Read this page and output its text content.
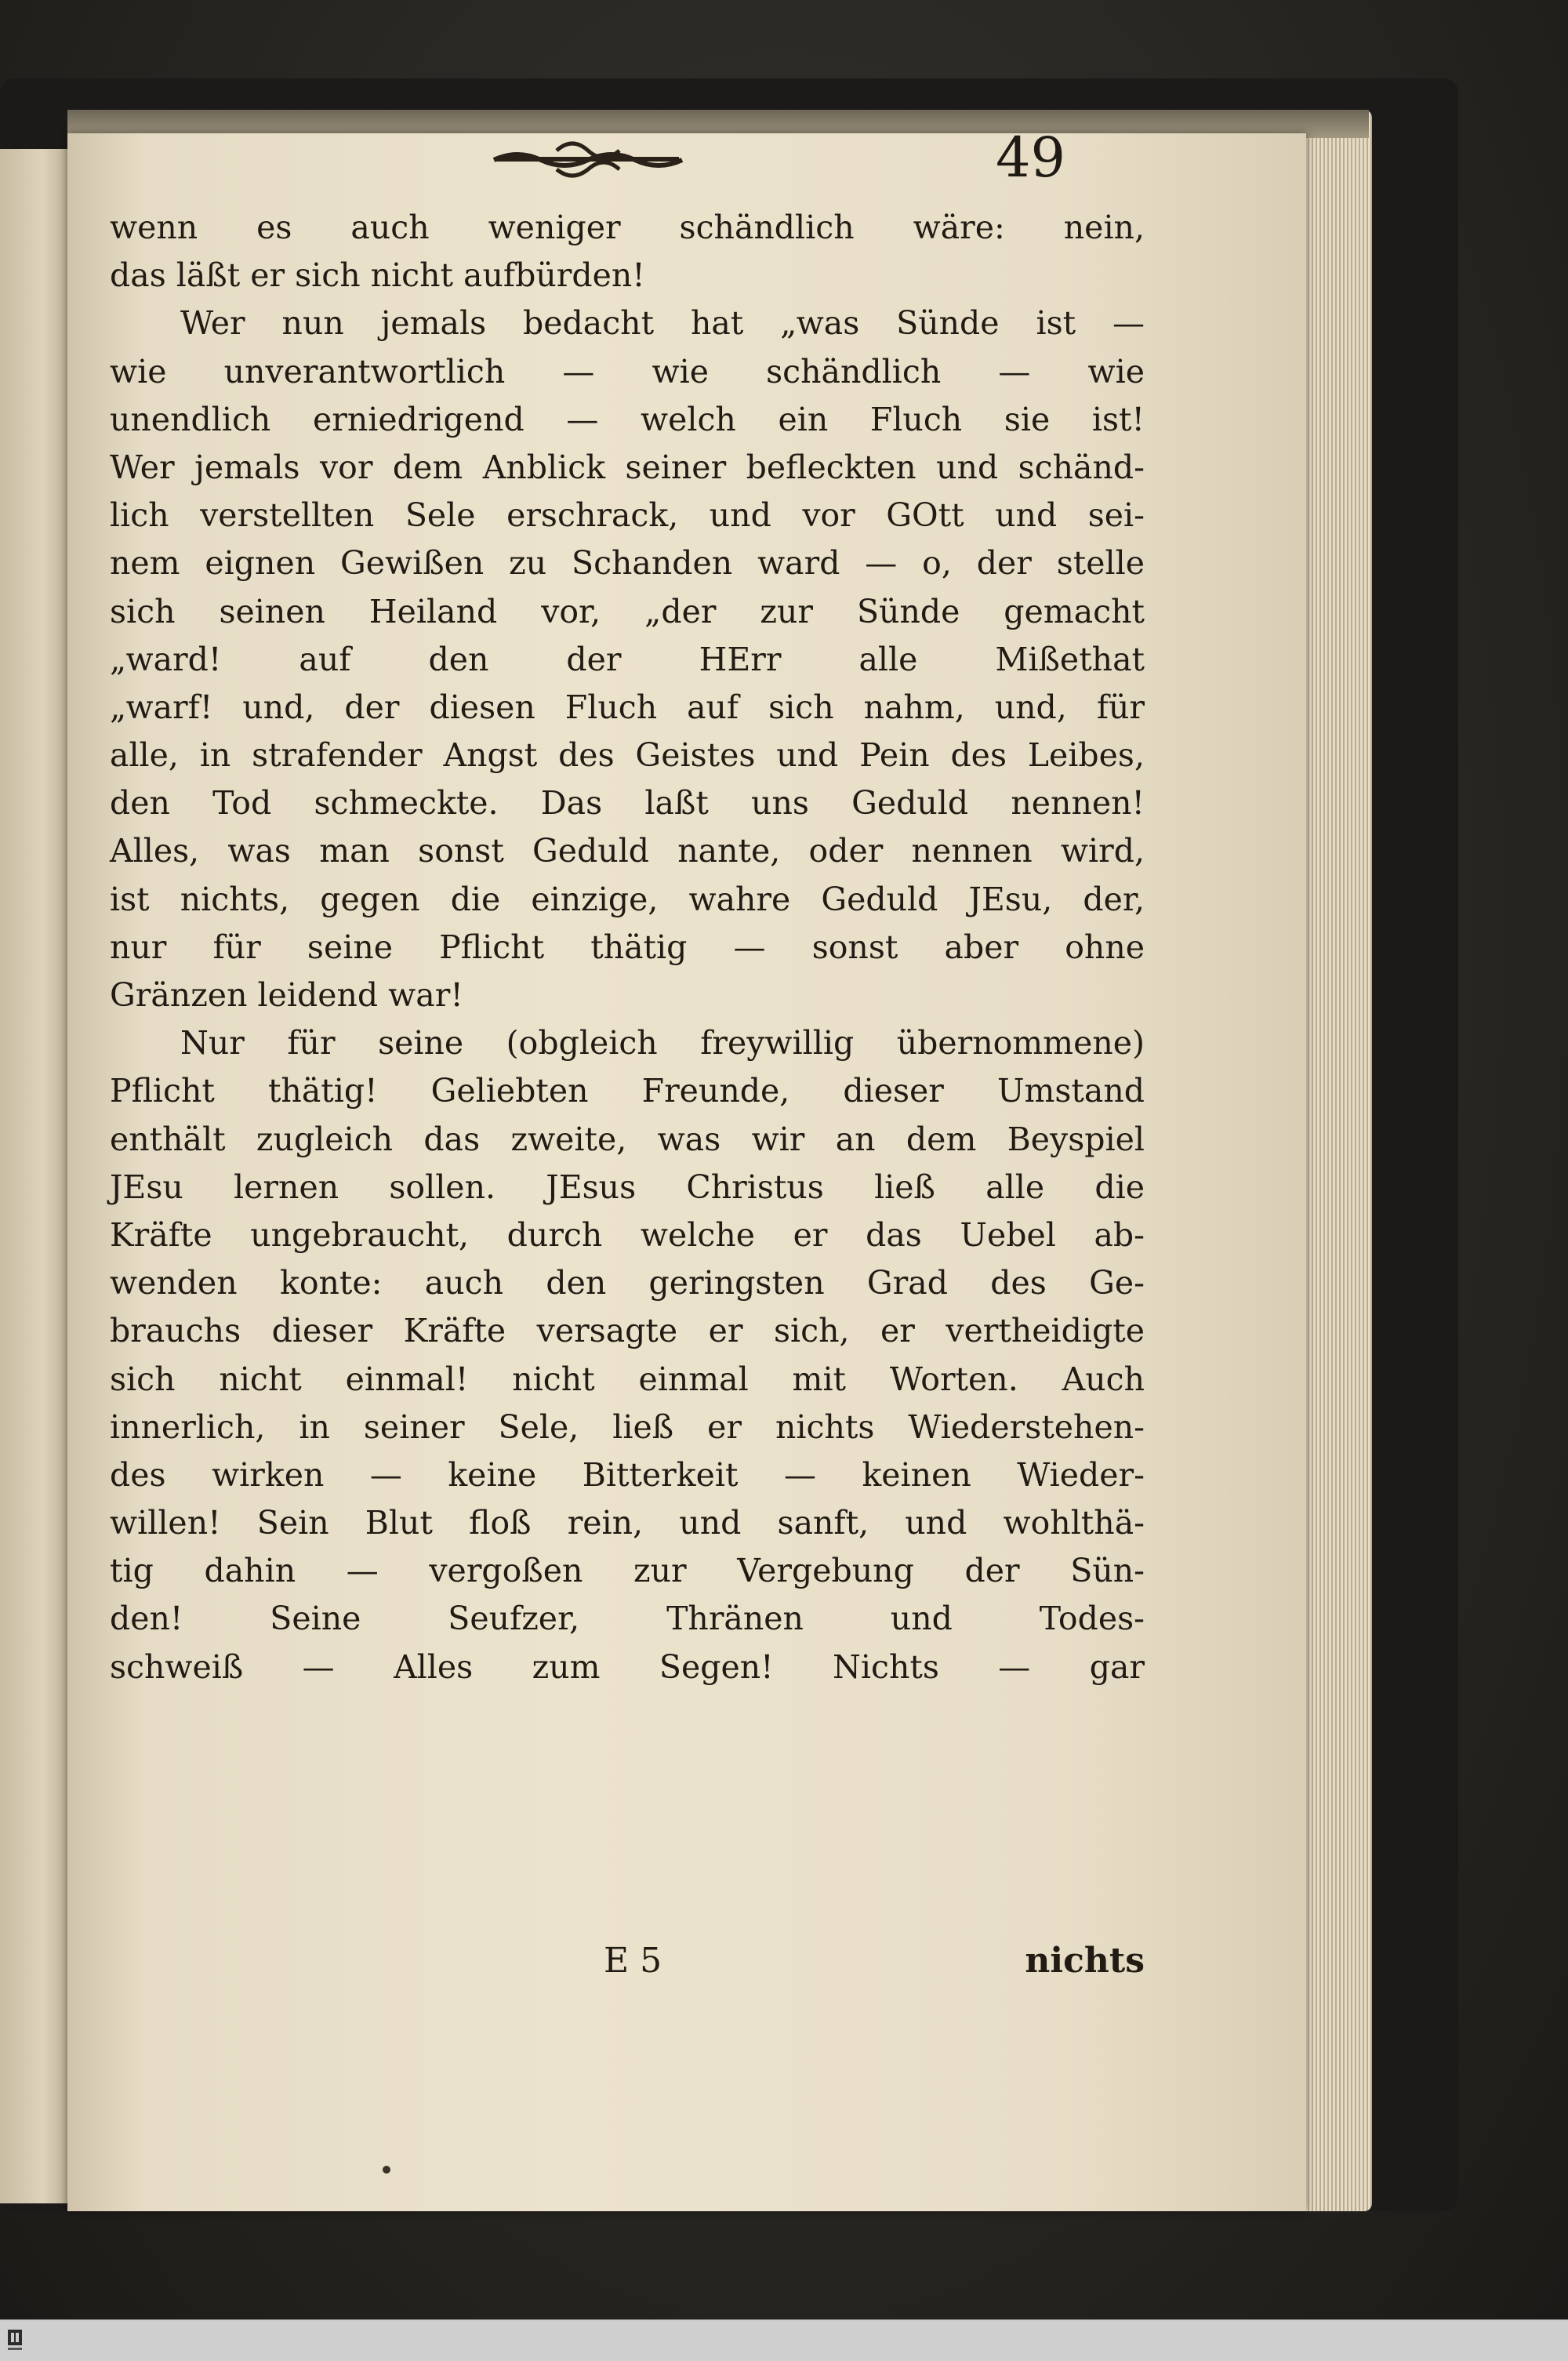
49
wenn es auch weniger schändlich wäre: nein,
das läßt er sich nicht aufbürden!
Wer nun jemals bedacht hat „was Sünde ist —
wie unverantwortlich — wie schändlich — wie
unendlich erniedrigend — welch ein Fluch sie ist!
Wer jemals vor dem Anblick seiner befleckten und schänd-
lich verstellten Sele erschrack, und vor GOtt und sei-
nem eignen Gewißen zu Schanden ward — o, der stelle
sich seinen Heiland vor, „der zur Sünde gemacht
„ward! auf den der HErr alle Mißethat
„warf! und, der diesen Fluch auf sich nahm, und, für
alle, in strafender Angst des Geistes und Pein des Leibes,
den Tod schmeckte. Das laßt uns Geduld nennen!
Alles, was man sonst Geduld nante, oder nennen wird,
ist nichts, gegen die einzige, wahre Geduld JEsu, der,
nur für seine Pflicht thätig — sonst aber ohne
Gränzen leidend war!
Nur für seine (obgleich freywillig übernommene)
Pflicht thätig! Geliebten Freunde, dieser Umstand
enthält zugleich das zweite, was wir an dem Beyspiel
JEsu lernen sollen. JEsus Christus ließ alle die
Kräfte ungebraucht, durch welche er das Uebel ab-
wenden konte: auch den geringsten Grad des Ge-
brauchs dieser Kräfte versagte er sich, er vertheidigte
sich nicht einmal! nicht einmal mit Worten. Auch
innerlich, in seiner Sele, ließ er nichts Wiederstehen-
des wirken — keine Bitterkeit — keinen Wieder-
willen! Sein Blut floß rein, und sanft, und wohlthä-
tig dahin — vergoßen zur Vergebung der Sün-
den! Seine Seufzer, Thränen und Todes-
schweiß — Alles zum Segen! Nichts — gar
E 5	nichts
